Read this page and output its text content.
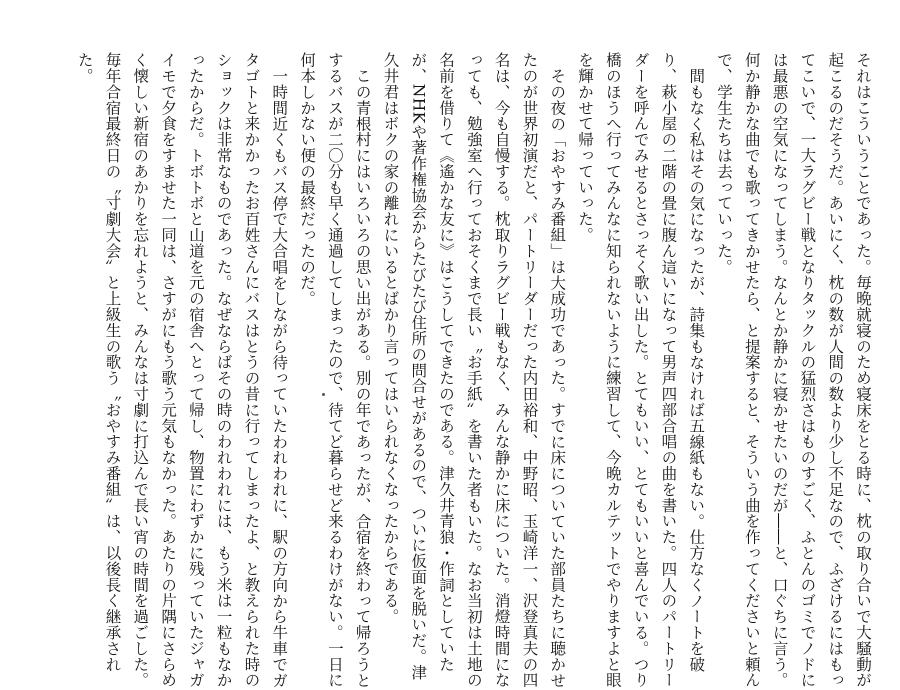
それはこういうことであった。毎晩就寝のため寝床をとる時に、枕の取り合いで大騒動が起こるのだそうだ。あいにく、枕の数が人間の数より少し不足なので、ふざけるにはもってこいで、一大ラグビー戦となりタックルの猛烈さはものすごく、ふとんのゴミでノドには最悪の空気になってしまう。なんとか静かに寝かせたいのだが――と、口ぐちに言う。何か静かな曲でも歌ってきかせたら、と提案すると、そういう曲を作ってくださいと頼んで、学生たちは去っていった。

間もなく私はその気になったが、詩集もなければ五線紙もない。仕方なくノートを破り、萩小屋の二階の畳に腹ん這いになって男声四部合唱の曲を書いた。四人のパートリーダーを呼んでみせるとさっそく歌い出した。とてもいい、とてもいいと喜んでいる。つり橋のほうへ行ってみんなに知られないように練習して、今晩カルテットでやりますよと眼を輝かせて帰っていった。

その夜の「おやすみ番組」は大成功であった。すでに床についていた部員たちに聴かせたのが世界初演だと、パートリーダーだった内田裕和、中野昭、玉崎洋一、沢登真夫の四名は、今も自慢する。枕取りラグビー戦もなく、みんな静かに床についた。消燈時間になっても、勉強室へ行っておそくまで長い〝お手紙〟を書いた者もいた。なお当初は土地の名前を借りて《遙かな友に》はこうしてできたのである。津久井青狼・作詞としていたが、NHKや著作権協会からたびたび住所の問合せがあるので、ついに仮面を脱いだ。津久井君はボクの家の離れにいるとばかり言ってはいられなくなったからである。

この青根村にはいろいろの思い出がある。別の年であったが、合宿を終わって帰ろうとするバスが二〇分も早く通過してしまったので、待てど暮らせど来るわけがない。一日に何本しかない便の最終だったのだ。

一時間近くもバス停で大合唱をしながら待っていたわれわれに、駅の方向から牛車でガタゴトと来かかったお百姓さんにバスはとうの昔に行ってしまったよ、と教えられた時のショックは非常なものであった。なぜならばその時のわれわれには、もう米は一粒もなかったからだ。トボトボと山道を元の宿舎へとって帰し、物置にわずかに残っていたジャガイモで夕食をすませた一同は、さすがにもう歌う元気もなかった。あたりの片隅にさらめく懐しい新宿のあかりを忘れようと、みんなは寸劇に打込んで長い宵の時間を過ごした。毎年合宿最終日の〝寸劇大会〟と上級生の歌う〝おやすみ番組〟は、以後長く継承された。
